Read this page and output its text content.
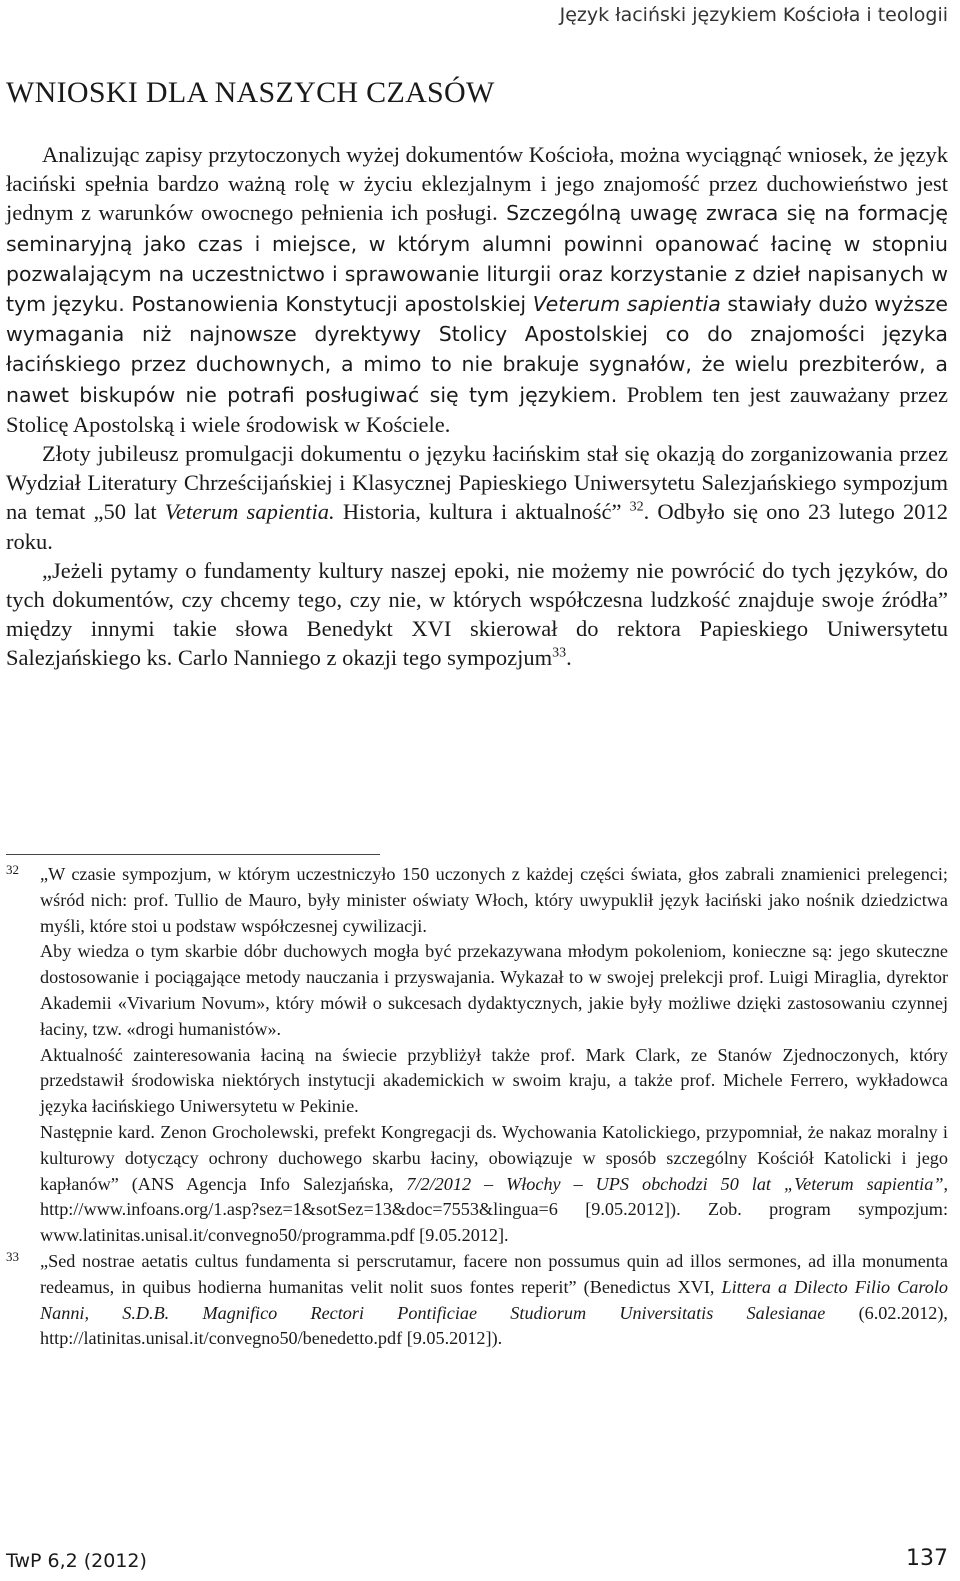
Język łaciński językiem Kościoła i teologii
WNIOSKI DLA NASZYCH CZASÓW

Analizując zapisy przytoczonych wyżej dokumentów Kościoła, można wyciągnąć wniosek, że język łaciński spełnia bardzo ważną rolę w życiu eklezjalnym i jego znajomość przez duchowieństwo jest jednym z warunków owocnego pełnienia ich posługi. Szczególną uwagę zwraca się na formację seminaryjną jako czas i miejsce, w którym alumni powinni opanować łacinę w stopniu pozwalającym na uczestnictwo i sprawowanie liturgii oraz korzystanie z dzieł napisanych w tym języku. Postanowienia Konstytucji apostolskiej Veterum sapientia stawiały dużo wyższe wymagania niż najnowsze dyrektywy Stolicy Apostolskiej co do znajomości języka łacińskiego przez duchownych, a mimo to nie brakuje sygnałów, że wielu prezbiterów, a nawet biskupów nie potrafi posługiwać się tym językiem. Problem ten jest zauważany przez Stolicę Apostolską i wiele środowisk w Kościele.

Złoty jubileusz promulgacji dokumentu o języku łacińskim stał się okazją do zorganizowania przez Wydział Literatury Chrześcijańskiej i Klasycznej Papieskiego Uniwersytetu Salezjańskiego sympozjum na temat „50 lat Veterum sapientia. Historia, kultura i aktualność” $^{32}$. Odbyło się ono 23 lutego 2012 roku.

„Jeżeli pytamy o fundamenty kultury naszej epoki, nie możemy nie powrócić do tych języków, do tych dokumentów, czy chcemy tego, czy nie, w których współczesna ludzkość znajduje swoje źródła” między innymi takie słowa Benedykt XVI skierował do rektora Papieskiego Uniwersytetu Salezjańskiego ks. Carlo Nanniego z okazji tego sympozjum$^{33}$.

32 „W czasie sympozjum, w którym uczestniczyło 150 uczonych z każdej części świata, głos zabrali znamienici prelegenci; wśród nich: prof. Tullio de Mauro, były minister oświaty Włoch, który uwypuklił język łaciński jako nośnik dziedzictwa myśli, które stoi u podstaw współczesnej cywilizacji.

Aby wiedza o tym skarbie dóbr duchowych mogła być przekazywana młodym pokoleniom, konieczne są: jego skuteczne dostosowanie i pociągające metody nauczania i przyswajania. Wykazał to w swojej prelekcji prof. Luigi Miraglia, dyrektor Akademii «Vivarium Novum», który mówił o sukcesach dydaktycznych, jakie były możliwe dzięki zastosowaniu czynnej łaciny, tzw. «drogi humanistów».

Aktualność zainteresowania łaciną na świecie przybliżył także prof. Mark Clark, ze Stanów Zjednoczonych, który przedstawił środowiska niektórych instytucji akademickich w swoim kraju, a także prof. Michele Ferrero, wykładowca języka łacińskiego Uniwersytetu w Pekinie.

Następnie kard. Zenon Grocholewski, prefekt Kongregacji ds. Wychowania Katolickiego, przypomniał, że nakaz moralny i kulturowy dotyczący ochrony duchowego skarbu łaciny, obowiązuje w sposób szczególny Kościół Katolicki i jego kapłanów” (ANS Agencja Info Salezjańska, 7/2/2012 – Włochy – UPS obchodzi 50 lat „Veterum sapientia”, http://www.infoans.org/1.asp?sez=1&sotSez=13&doc=7553&lingua=6 [9.05.2012]). Zob. program sympozjum: www.latinitas.unisal.it/convegno50/programma.pdf [9.05.2012].

33 „Sed nostrae aetatis cultus fundamenta si perscrutamur, facere non possumus quin ad illos sermones, ad illa monumenta redeamus, in quibus hodierna humanitas velit nolit suos fontes reperit” (Benedictus XVI, Littera a Dilecto Filio Carolo Nanni, S.D.B. Magnifico Rectori Pontificiae Studiorum Universitatis Salesianae (6.02.2012), http://latinitas.unisal.it/convegno50/benedetto.pdf [9.05.2012]).

TwP 6,2 (2012)	137
